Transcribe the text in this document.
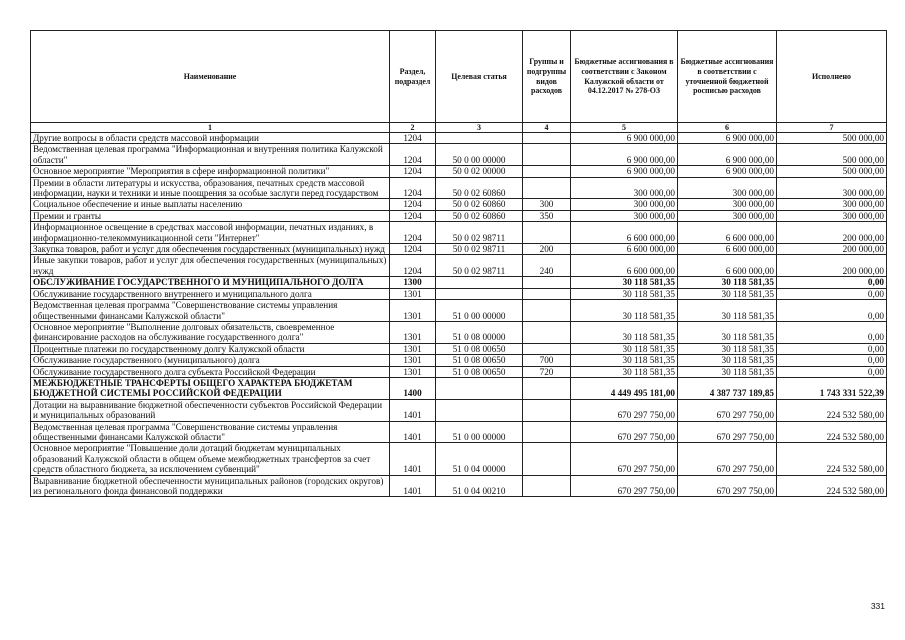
Наименование	Раздел, подраздел	Целевая статья	Группы и подгруппы видов расходов	Бюджетные ассигнования в соответствии с Законом Калужской области от 04.12.2017 № 278-ОЗ	Бюджетные ассигнования в соответствии с уточненной бюджетной росписью расходов	Исполнено
1	2	3	4	5	6	7
Другие вопросы в области средств массовой информации	1204			6 900 000,00	6 900 000,00	500 000,00
Ведомственная целевая программа "Информационная и внутренняя политика Калужской области"	1204	50 0 00 00000		6 900 000,00	6 900 000,00	500 000,00
Основное мероприятие "Мероприятия в сфере информационной политики"	1204	50 0 02 00000		6 900 000,00	6 900 000,00	500 000,00
Премии в области литературы и искусства, образования, печатных средств массовой информации, науки и техники и иные поощрения за особые заслуги перед государством	1204	50 0 02 60860		300 000,00	300 000,00	300 000,00
Социальное обеспечение и иные выплаты населению	1204	50 0 02 60860	300	300 000,00	300 000,00	300 000,00
Премии и гранты	1204	50 0 02 60860	350	300 000,00	300 000,00	300 000,00
Информационное освещение в средствах массовой информации, печатных изданиях, в информационно-телекоммуникационной сети "Интернет"	1204	50 0 02 98711		6 600 000,00	6 600 000,00	200 000,00
Закупка товаров, работ и услуг для обеспечения государственных (муниципальных) нужд	1204	50 0 02 98711	200	6 600 000,00	6 600 000,00	200 000,00
Иные закупки товаров, работ и услуг для обеспечения государственных (муниципальных) нужд	1204	50 0 02 98711	240	6 600 000,00	6 600 000,00	200 000,00
ОБСЛУЖИВАНИЕ ГОСУДАРСТВЕННОГО И МУНИЦИПАЛЬНОГО ДОЛГА	1300			30 118 581,35	30 118 581,35	0,00
Обслуживание государственного внутреннего и муниципального долга	1301			30 118 581,35	30 118 581,35	0,00
Ведомственная целевая программа "Совершенствование системы управления общественными финансами Калужской области"	1301	51 0 00 00000		30 118 581,35	30 118 581,35	0,00
Основное мероприятие "Выполнение долговых обязательств, своевременное финансирование расходов на обслуживание государственного долга"	1301	51 0 08 00000		30 118 581,35	30 118 581,35	0,00
Процентные платежи по государственному долгу Калужской области	1301	51 0 08 00650		30 118 581,35	30 118 581,35	0,00
Обслуживание государственного (муниципального) долга	1301	51 0 08 00650	700	30 118 581,35	30 118 581,35	0,00
Обслуживание государственного долга субъекта Российской Федерации	1301	51 0 08 00650	720	30 118 581,35	30 118 581,35	0,00
МЕЖБЮДЖЕТНЫЕ ТРАНСФЕРТЫ ОБЩЕГО ХАРАКТЕРА БЮДЖЕТАМ БЮДЖЕТНОЙ СИСТЕМЫ РОССИЙСКОЙ ФЕДЕРАЦИИ	1400			4 449 495 181,00	4 387 737 189,85	1 743 331 522,39
Дотации на выравнивание бюджетной обеспеченности субъектов Российской Федерации и муниципальных образований	1401			670 297 750,00	670 297 750,00	224 532 580,00
Ведомственная целевая программа "Совершенствование системы управления общественными финансами Калужской области"	1401	51 0 00 00000		670 297 750,00	670 297 750,00	224 532 580,00
Основное мероприятие "Повышение доли дотаций бюджетам муниципальных образований Калужской области в общем объеме межбюджетных трансфертов за счет средств областного бюджета, за исключением субвенций"	1401	51 0 04 00000		670 297 750,00	670 297 750,00	224 532 580,00
Выравнивание бюджетной обеспеченности муниципальных районов (городских округов) из регионального фонда финансовой поддержки	1401	51 0 04 00210		670 297 750,00	670 297 750,00	224 532 580,00
331
